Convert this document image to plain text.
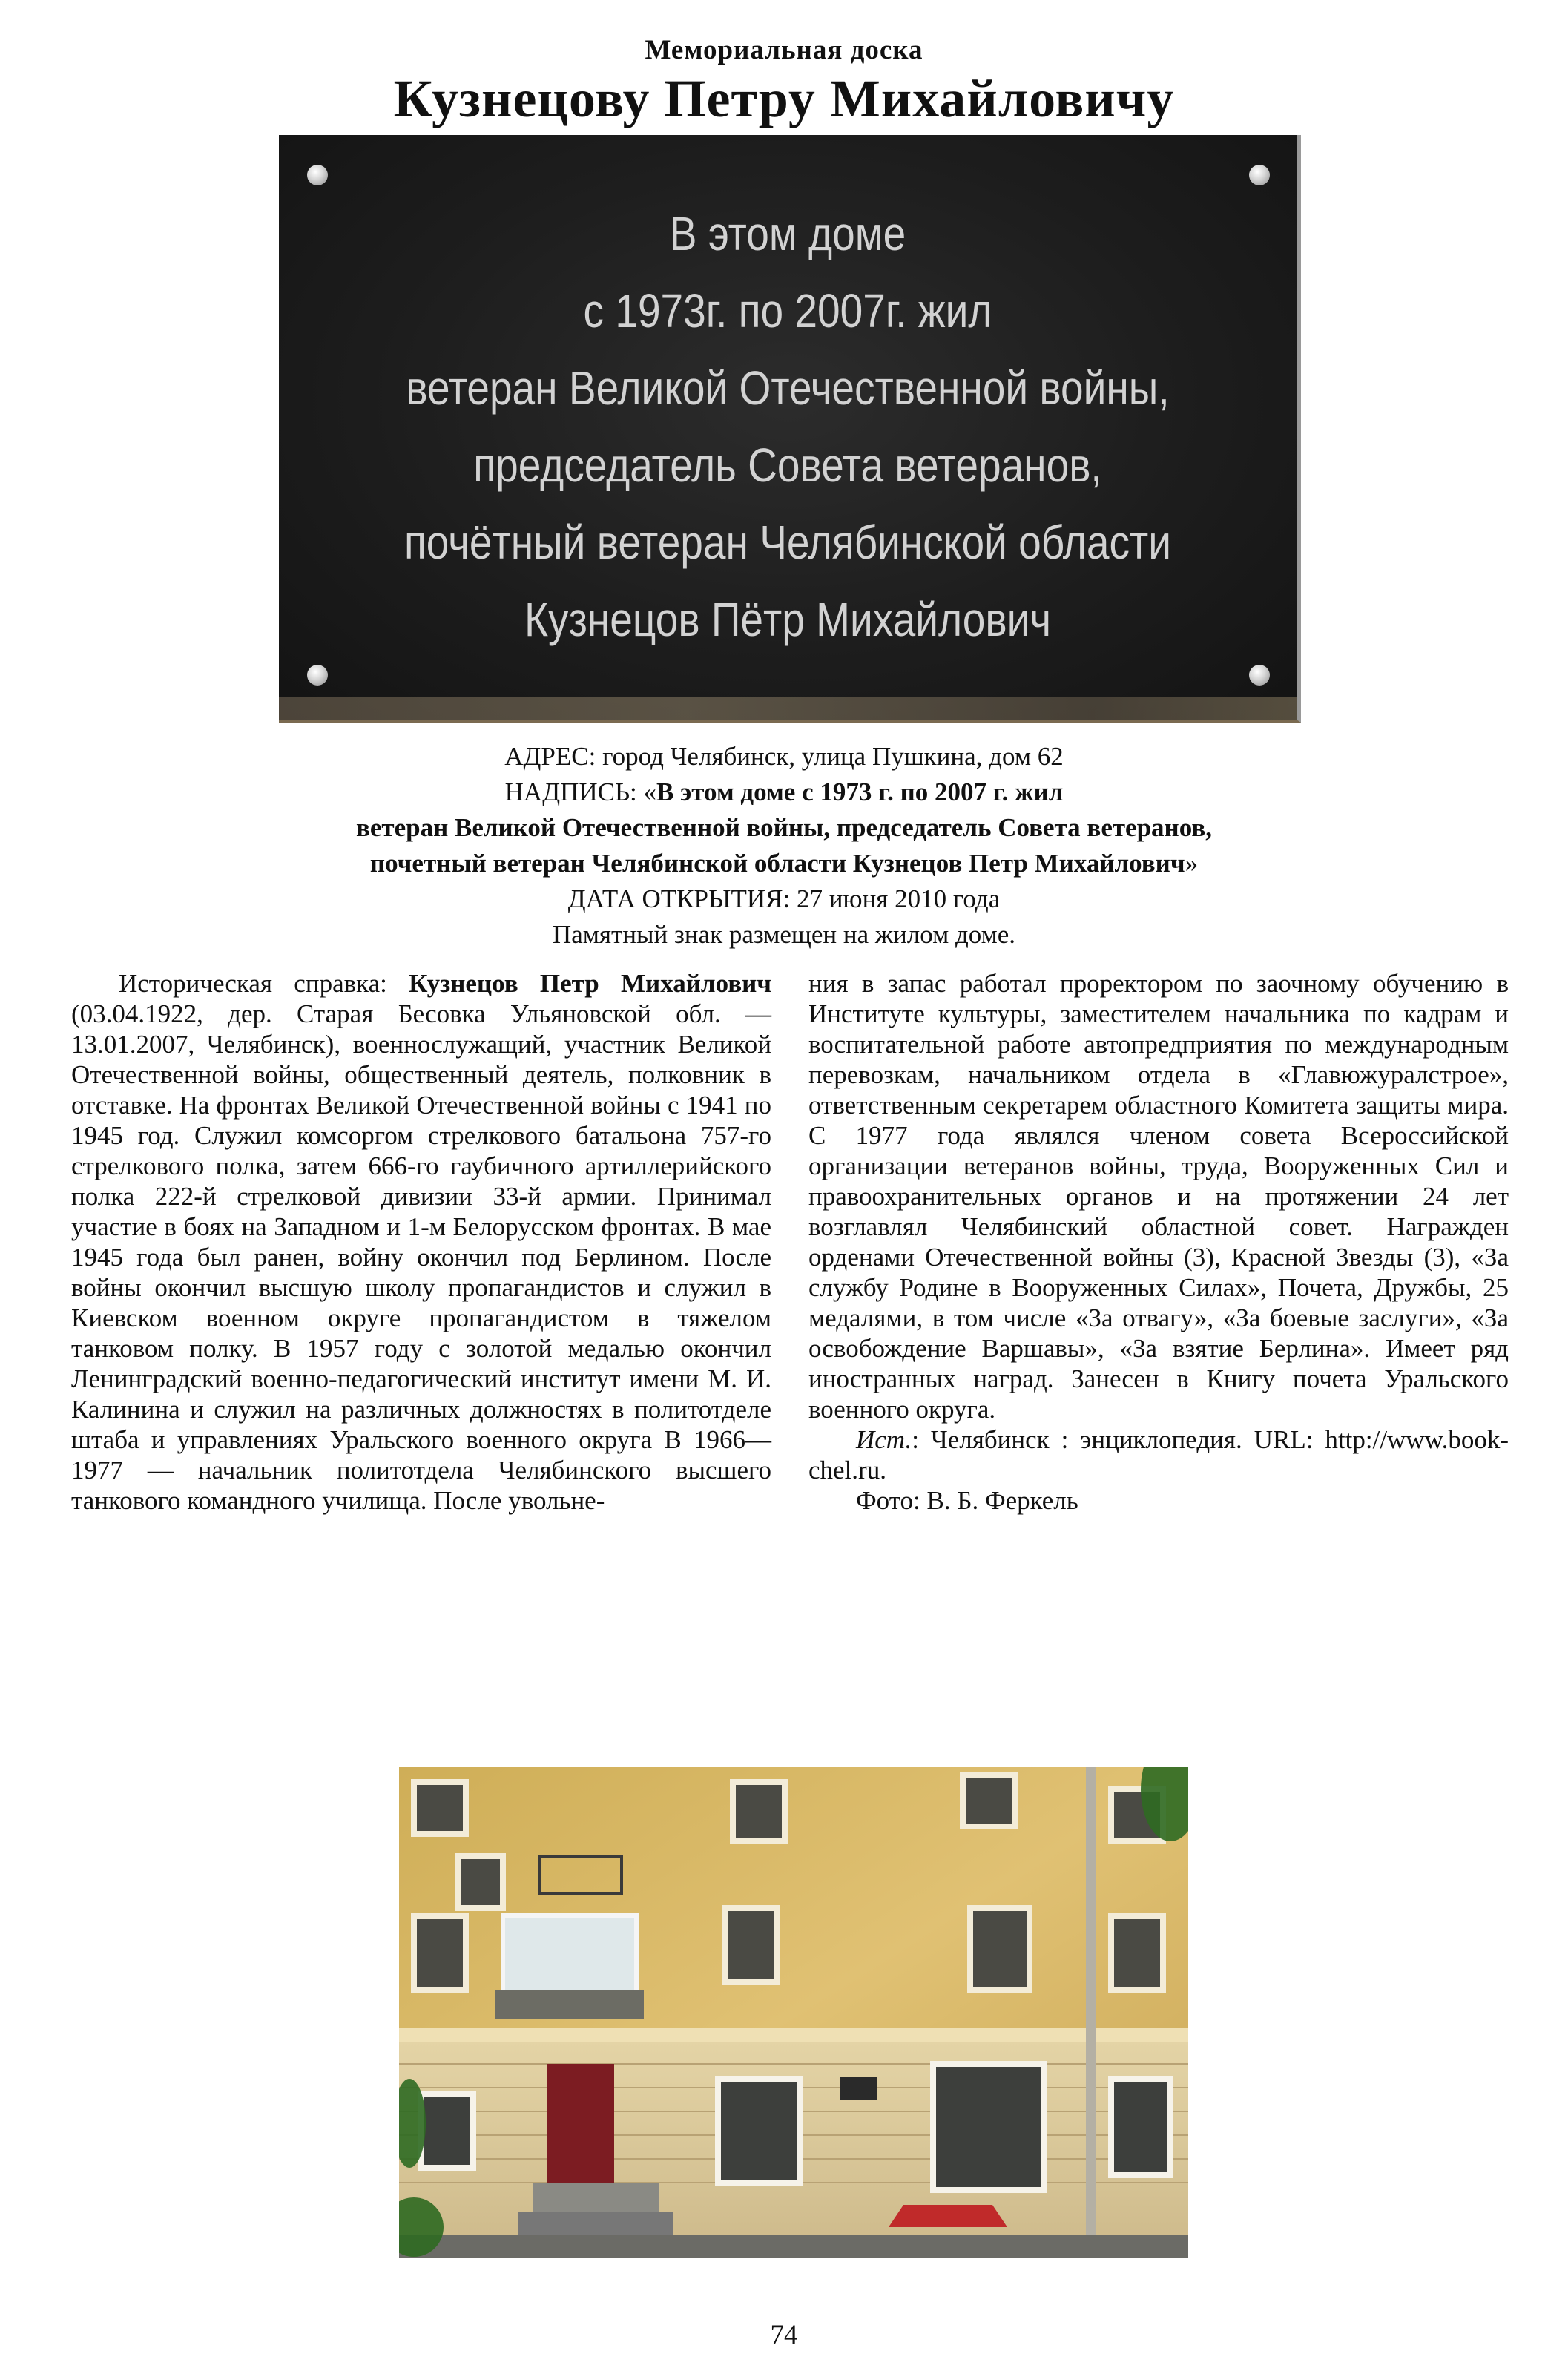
Мемориальная доска
Кузнецову Петру Михайловичу
В этом доме
с 1973г. по 2007г. жил
ветеран Великой Отечественной войны,
председатель Совета ветеранов,
почётный ветеран Челябинской области
Кузнецов Пётр Михайлович
АДРЕС: город Челябинск, улица Пушкина, дом 62
НАДПИСЬ: «В этом доме с 1973 г. по 2007 г. жил
ветеран Великой Отечественной войны, председатель Совета ветеранов,
почетный ветеран Челябинской области Кузнецов Петр Михайлович»
ДАТА ОТКРЫТИЯ: 27 июня 2010 года
Памятный знак размещен на жилом доме.

Историческая справка: Кузнецов Петр Михайлович (03.04.1922, дер. Старая Бесовка Ульяновской обл. — 13.01.2007, Челябинск), военнослужащий, участник Великой Отечественной войны, общественный деятель, полковник в отставке. На фронтах Великой Отечественной войны с 1941 по 1945 год. Служил комсоргом стрелкового батальона 757-го стрелкового полка, затем 666-го гаубичного артиллерийского полка 222-й стрелковой дивизии 33-й армии. Принимал участие в боях на Западном и 1-м Белорусском фронтах. В мае 1945 года был ранен, войну окончил под Берлином. После войны окончил высшую школу пропагандистов и служил в Киевском военном округе пропагандистом в тяжелом танковом полку. В 1957 году с золотой медалью окончил Ленинградский военно-педагогический институт имени М. И. Калинина и служил на различных должностях в политотделе штаба и управлениях Уральского военного округа В 1966—1977 — начальник политотдела Челябинского высшего танкового командного училища. После увольне-

ния в запас работал проректором по заочному обучению в Институте культуры, заместителем начальника по кадрам и воспитательной работе автопредприятия по международным перевозкам, начальником отдела в «Главюжуралстрое», ответственным секретарем областного Комитета защиты мира. С 1977 года являлся членом совета Всероссийской организации ветеранов войны, труда, Вооруженных Сил и правоохранительных органов и на протяжении 24 лет возглавлял Челябинский областной совет. Награжден орденами Отечественной войны (3), Красной Звезды (3), «За службу Родине в Вооруженных Силах», Почета, Дружбы, 25 медалями, в том числе «За отвагу», «За боевые заслуги», «За освобождение Варшавы», «За взятие Берлина». Имеет ряд иностранных наград. Занесен в Книгу почета Уральского военного округа.

Ист.: Челябинск : энциклопедия. URL: http://www.book-chel.ru.

Фото: В. Б. Феркель

74
